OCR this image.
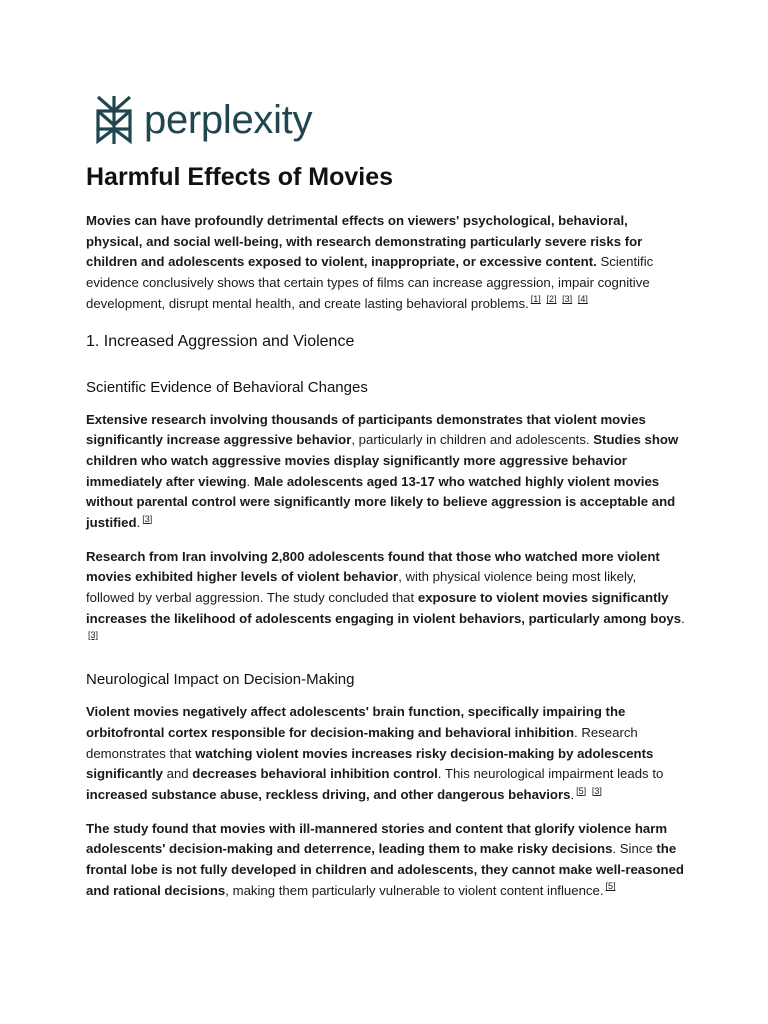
perplexity
Harmful Effects of Movies

Movies can have profoundly detrimental effects on viewers' psychological, behavioral, physical, and social well-being, with research demonstrating particularly severe risks for children and adolescents exposed to violent, inappropriate, or excessive content. Scientific evidence conclusively shows that certain types of films can increase aggression, impair cognitive development, disrupt mental health, and create lasting behavioral problems. [1] [2] [3] [4]

1. Increased Aggression and Violence
Scientific Evidence of Behavioral Changes

Extensive research involving thousands of participants demonstrates that violent movies significantly increase aggressive behavior, particularly in children and adolescents. Studies show children who watch aggressive movies display significantly more aggressive behavior immediately after viewing. Male adolescents aged 13-17 who watched highly violent movies without parental control were significantly more likely to believe aggression is acceptable and justified. [3]

Research from Iran involving 2,800 adolescents found that those who watched more violent movies exhibited higher levels of violent behavior, with physical violence being most likely, followed by verbal aggression. The study concluded that exposure to violent movies significantly increases the likelihood of adolescents engaging in violent behaviors, particularly among boys.[3]

Neurological Impact on Decision-Making

Violent movies negatively affect adolescents' brain function, specifically impairing the orbitofrontal cortex responsible for decision-making and behavioral inhibition. Research demonstrates that watching violent movies increases risky decision-making by adolescents significantly and decreases behavioral inhibition control. This neurological impairment leads to increased substance abuse, reckless driving, and other dangerous behaviors. [5] [3]

The study found that movies with ill-mannered stories and content that glorify violence harm adolescents' decision-making and deterrence, leading them to make risky decisions. Since the frontal lobe is not fully developed in children and adolescents, they cannot make well-reasoned and rational decisions, making them particularly vulnerable to violent content influence. [5]
